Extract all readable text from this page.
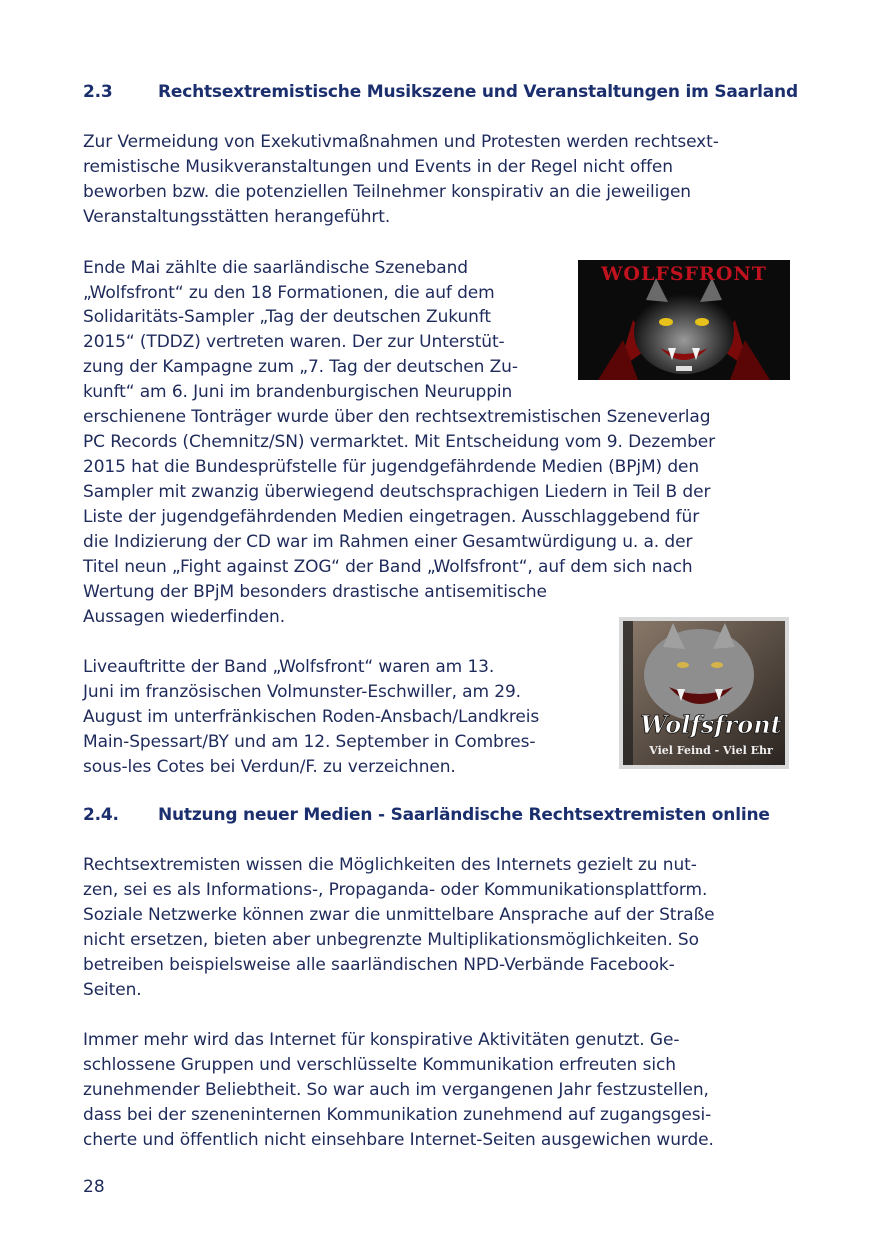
2.3	Rechtsextremistische Musikszene und Veranstaltungen im Saarland
Zur Vermeidung von Exekutivmaßnahmen und Protesten werden rechtsext-
remistische Musikveranstaltungen und Events in der Regel nicht offen
beworben bzw. die potenziellen Teilnehmer konspirativ an die jeweiligen
Veranstaltungsstätten herangeführt.
Ende Mai zählte die saarländische Szeneband
„Wolfsfront“ zu den 18 Formationen, die auf dem
Solidaritäts-Sampler „Tag der deutschen Zukunft
2015“ (TDDZ) vertreten waren. Der zur Unterstüt-
zung der Kampagne zum „7. Tag der deutschen Zu-
kunft“ am 6. Juni im brandenburgischen Neuruppin
erschienene Tonträger wurde über den rechtsextremistischen Szeneverlag
PC Records (Chemnitz/SN) vermarktet. Mit Entscheidung vom 9. Dezember
2015 hat die Bundesprüfstelle für jugendgefährdende Medien (BPjM) den
Sampler mit zwanzig überwiegend deutschsprachigen Liedern in Teil B der
Liste der jugendgefährdenden Medien eingetragen. Ausschlaggebend für
die Indizierung der CD war im Rahmen einer Gesamtwürdigung u. a. der
Titel neun „Fight against ZOG“ der Band „Wolfsfront“, auf dem sich nach
Wertung der BPjM besonders drastische antisemitische
Aussagen wiederfinden.
Liveauftritte der Band „Wolfsfront“ waren am 13.
Juni im französischen Volmunster-Eschwiller, am 29.
August im unterfränkischen Roden-Ansbach/Landkreis
Main-Spessart/BY und am 12. September in Combres-
sous-les Cotes bei Verdun/F. zu verzeichnen.
WOLFSFRONT
Wolfsfront
Viel Feind - Viel Ehr
2.4. Nutzung neuer Medien - Saarländische Rechtsextremisten online
Rechtsextremisten wissen die Möglichkeiten des Internets gezielt zu nut-
zen, sei es als Informations-, Propaganda- oder Kommunikationsplattform.
Soziale Netzwerke können zwar die unmittelbare Ansprache auf der Straße
nicht ersetzen, bieten aber unbegrenzte Multiplikationsmöglichkeiten. So
betreiben beispielsweise alle saarländischen NPD-Verbände Facebook-
Seiten.
Immer mehr wird das Internet für konspirative Aktivitäten genutzt. Ge-
schlossene Gruppen und verschlüsselte Kommunikation erfreuten sich
zunehmender Beliebtheit. So war auch im vergangenen Jahr festzustellen,
dass bei der szeneninternen Kommunikation zunehmend auf zugangsgesi-
cherte und öffentlich nicht einsehbare Internet-Seiten ausgewichen wurde.
28
